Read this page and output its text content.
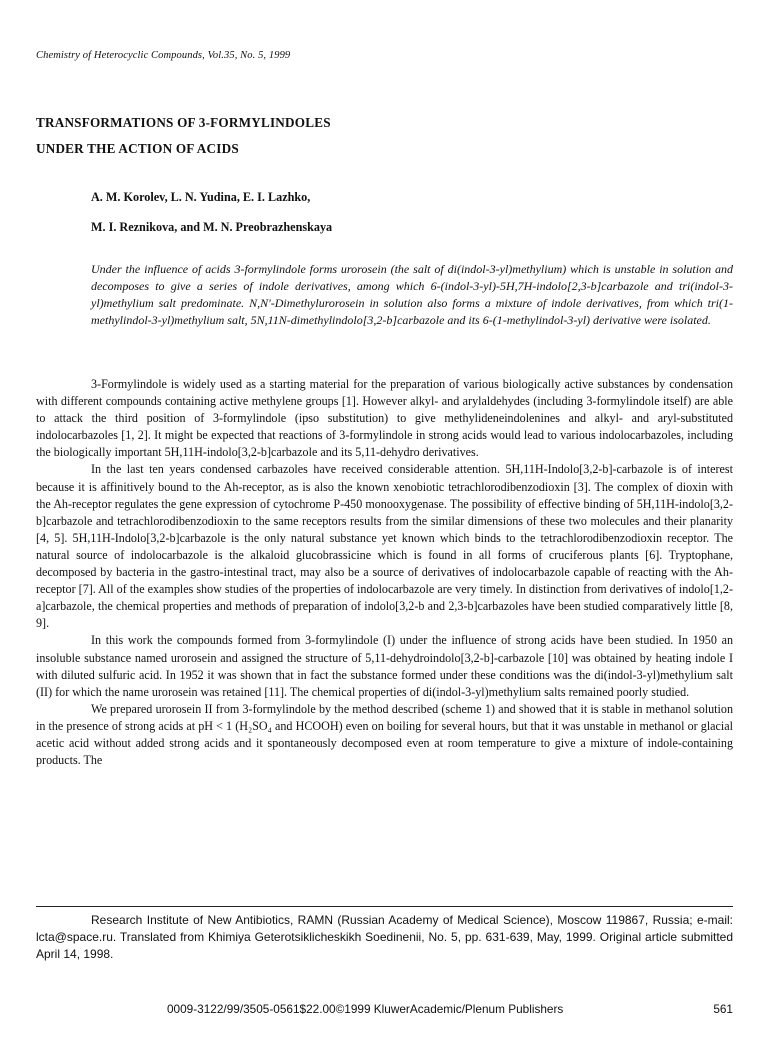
Chemistry of Heterocyclic Compounds, Vol.35, No. 5, 1999
TRANSFORMATIONS OF 3-FORMYLINDOLES
UNDER THE ACTION OF ACIDS
A. M. Korolev, L. N. Yudina, E. I. Lazhko,
M. I. Reznikova, and M. N. Preobrazhenskaya
Under the influence of acids 3-formylindole forms urorosein (the salt of di(indol-3-yl)methylium) which is unstable in solution and decomposes to give a series of indole derivatives, among which 6-(indol-3-yl)-5H,7H-indolo[2,3-b]carbazole and tri(indol-3-yl)methylium salt predominate. N,N'-Dimethylurorosein in solution also forms a mixture of indole derivatives, from which tri(1-methylindol-3-yl)methylium salt, 5N,11N-dimethylindolo[3,2-b]carbazole and its 6-(1-methylindol-3-yl) derivative were isolated.

3-Formylindole is widely used as a starting material for the preparation of various biologically active substances by condensation with different compounds containing active methylene groups [1]. However alkyl- and arylaldehydes (including 3-formylindole itself) are able to attack the third position of 3-formylindole (ipso substitution) to give methylideneindolenines and alkyl- and aryl-substituted indolocarbazoles [1, 2]. It might be expected that reactions of 3-formylindole in strong acids would lead to various indolocarbazoles, including the biologically important 5H,11H-indolo[3,2-b]carbazole and its 5,11-dehydro derivatives.

In the last ten years condensed carbazoles have received considerable attention. 5H,11H-Indolo[3,2-b]-carbazole is of interest because it is affinitively bound to the Ah-receptor, as is also the known xenobiotic tetrachlorodibenzodioxin [3]. The complex of dioxin with the Ah-receptor regulates the gene expression of cytochrome P-450 monooxygenase. The possibility of effective binding of 5H,11H-indolo[3,2-b]carbazole and tetrachlorodibenzodioxin to the same receptors results from the similar dimensions of these two molecules and their planarity [4, 5]. 5H,11H-Indolo[3,2-b]carbazole is the only natural substance yet known which binds to the tetrachlorodibenzodioxin receptor. The natural source of indolocarbazole is the alkaloid glucobrassicine which is found in all forms of cruciferous plants [6]. Tryptophane, decomposed by bacteria in the gastro-intestinal tract, may also be a source of derivatives of indolocarbazole capable of reacting with the Ah-receptor [7]. All of the examples show studies of the properties of indolocarbazole are very timely. In distinction from derivatives of indolo[1,2-a]carbazole, the chemical properties and methods of preparation of indolo[3,2-b and 2,3-b]carbazoles have been studied comparatively little [8, 9].

In this work the compounds formed from 3-formylindole (I) under the influence of strong acids have been studied. In 1950 an insoluble substance named urorosein and assigned the structure of 5,11-dehydroindolo[3,2-b]-carbazole [10] was obtained by heating indole I with diluted sulfuric acid. In 1952 it was shown that in fact the substance formed under these conditions was the di(indol-3-yl)methylium salt (II) for which the name urorosein was retained [11]. The chemical properties of di(indol-3-yl)methylium salts remained poorly studied.

We prepared urorosein II from 3-formylindole by the method described (scheme 1) and showed that it is stable in methanol solution in the presence of strong acids at pH < 1 (H₂SO₄ and HCOOH) even on boiling for several hours, but that it was unstable in methanol or glacial acetic acid without added strong acids and it spontaneously decomposed even at room temperature to give a mixture of indole-containing products. The

Research Institute of New Antibiotics, RAMN (Russian Academy of Medical Science), Moscow 119867, Russia; e-mail: lcta@space.ru. Translated from Khimiya Geterotsiklicheskikh Soedinenii, No. 5, pp. 631-639, May, 1999. Original article submitted April 14, 1998.

0009-3122/99/3505-0561$22.00©1999 KluwerAcademic/Plenum Publishers	561
